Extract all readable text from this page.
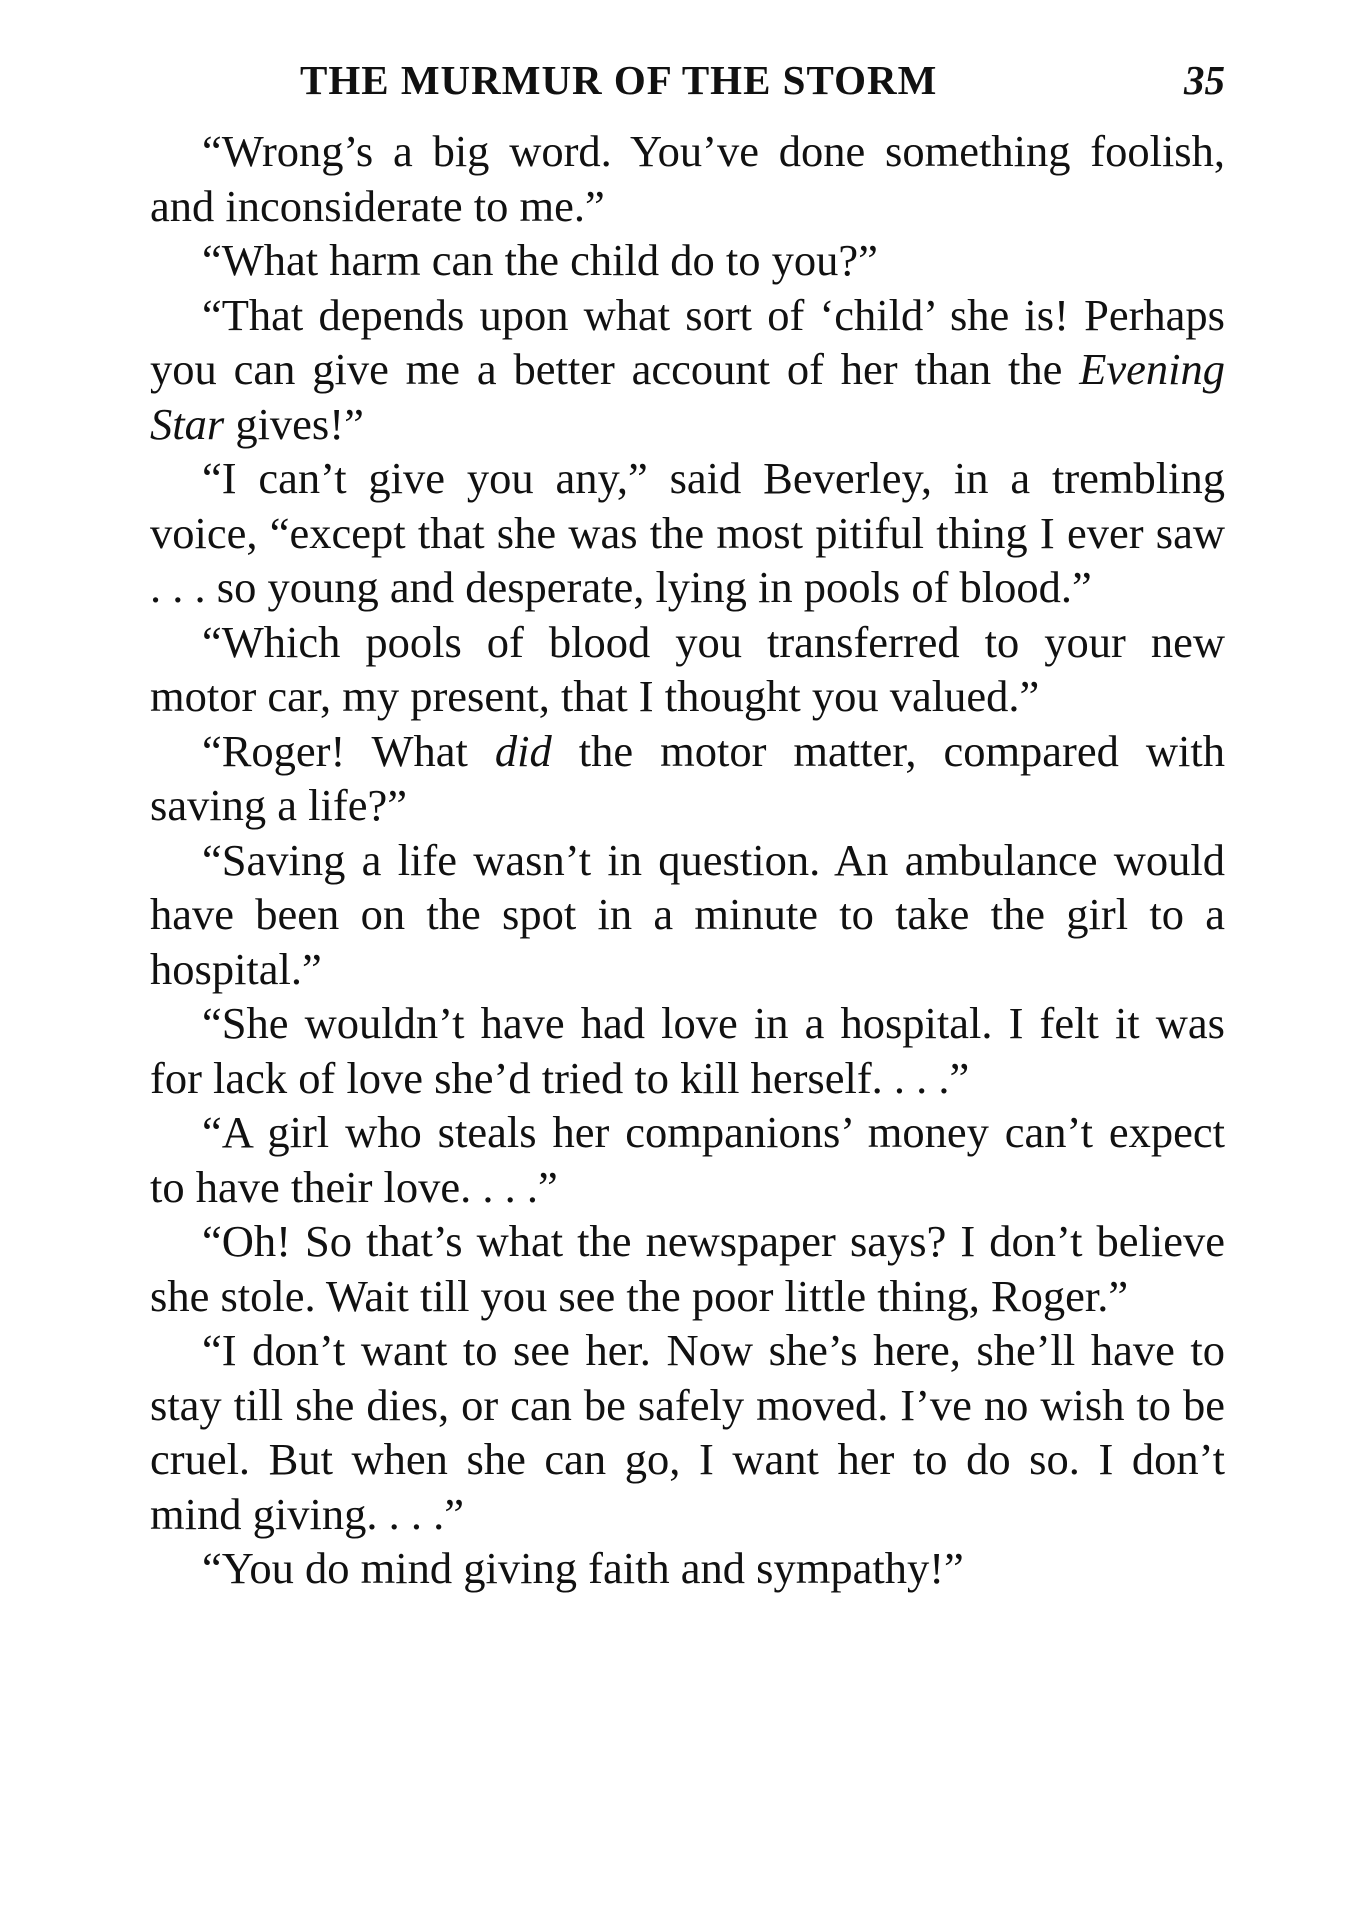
THE MURMUR OF THE STORM	35

“Wrong’s a big word. You’ve done something foolish, and inconsiderate to me.”

“What harm can the child do to you?”

“That depends upon what sort of ‘child’ she is! Perhaps you can give me a better account of her than the Evening Star gives!”

“I can’t give you any,” said Beverley, in a trembling voice, “except that she was the most pitiful thing I ever saw . . . so young and desperate, lying in pools of blood.”

“Which pools of blood you transferred to your new motor car, my present, that I thought you valued.”

“Roger! What did the motor matter, compared with saving a life?”

“Saving a life wasn’t in question. An ambulance would have been on the spot in a minute to take the girl to a hospital.”

“She wouldn’t have had love in a hospital. I felt it was for lack of love she’d tried to kill herself. . . .”

“A girl who steals her companions’ money can’t expect to have their love. . . .”

“Oh! So that’s what the newspaper says? I don’t believe she stole. Wait till you see the poor little thing, Roger.”

“I don’t want to see her. Now she’s here, she’ll have to stay till she dies, or can be safely moved. I’ve no wish to be cruel. But when she can go, I want her to do so. I don’t mind giving. . . .”

“You do mind giving faith and sympathy!”
